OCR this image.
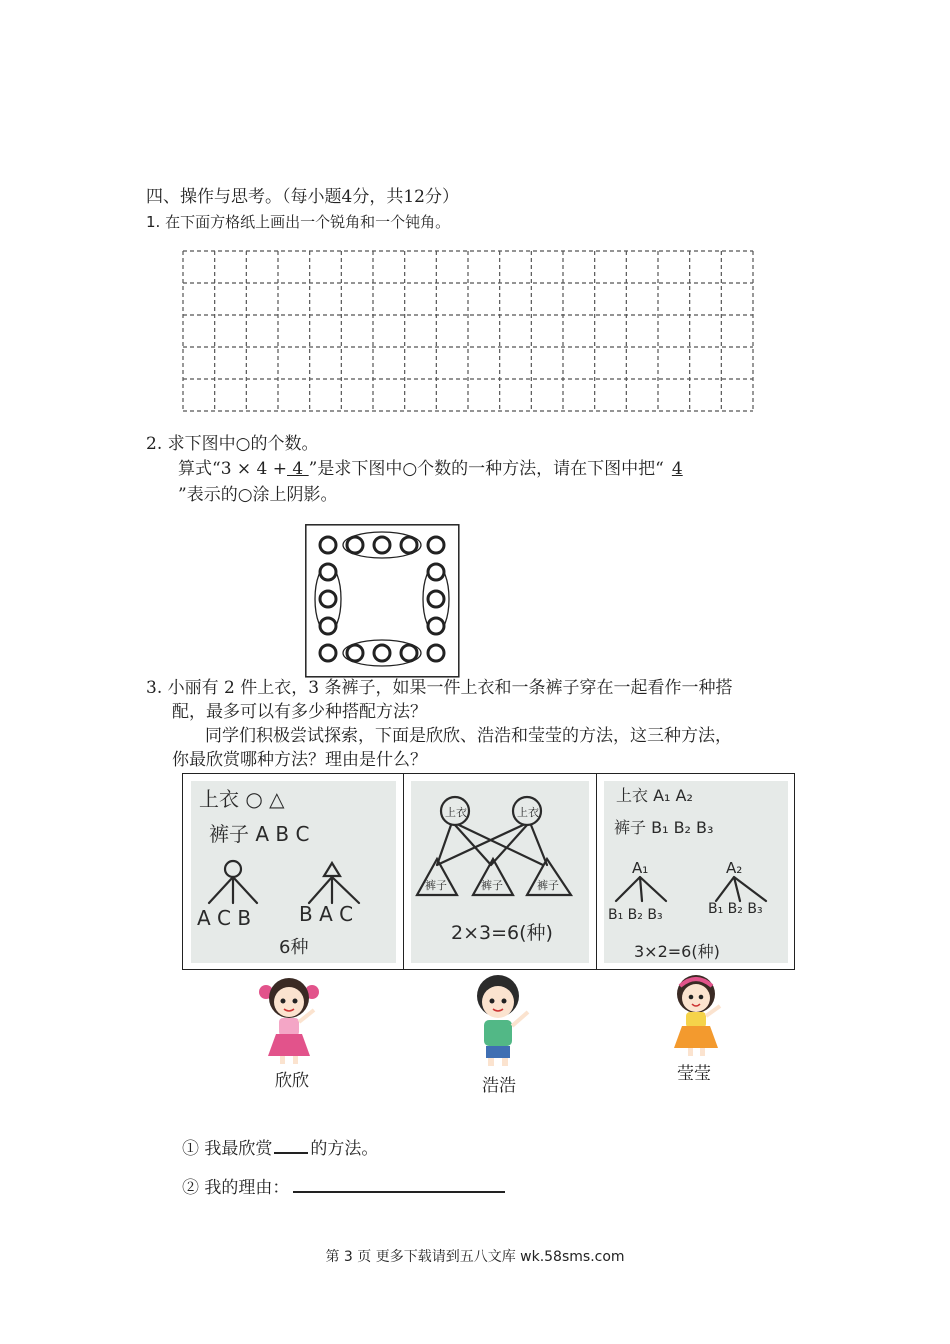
四、操作与思考。（每小题4分，共12分）
1. 在下面方格纸上画出一个锐角和一个钝角。
2. 求下图中○的个数。
算式“3 × 4 + 4 ”是求下图中○个数的一种方法，请在下图中把“ 4
”表示的○涂上阴影。
3. 小丽有 2 件上衣，3 条裤子，如果一件上衣和一条裤子穿在一起看作一种搭
配，最多可以有多少种搭配方法？
同学们积极尝试探索，下面是欣欣、浩浩和莹莹的方法，这三种方法，
你最欣赏哪种方法？理由是什么？
上衣 ○ △
裤子 A B C
A C B B A C
6种
上衣	上衣
裤子	裤子	裤子
2×3=6(种)
上衣 A₁ A₂
裤子 B₁ B₂ B₃
A₁	A₂
B₁ B₂ B₃	B₁ B₂ B₃
3×2=6(种)
欣欣	浩浩
莹莹
① 我最欣赏 的方法。
② 我的理由：
第 3 页 更多下载请到五八文库 wk.58sms.com
